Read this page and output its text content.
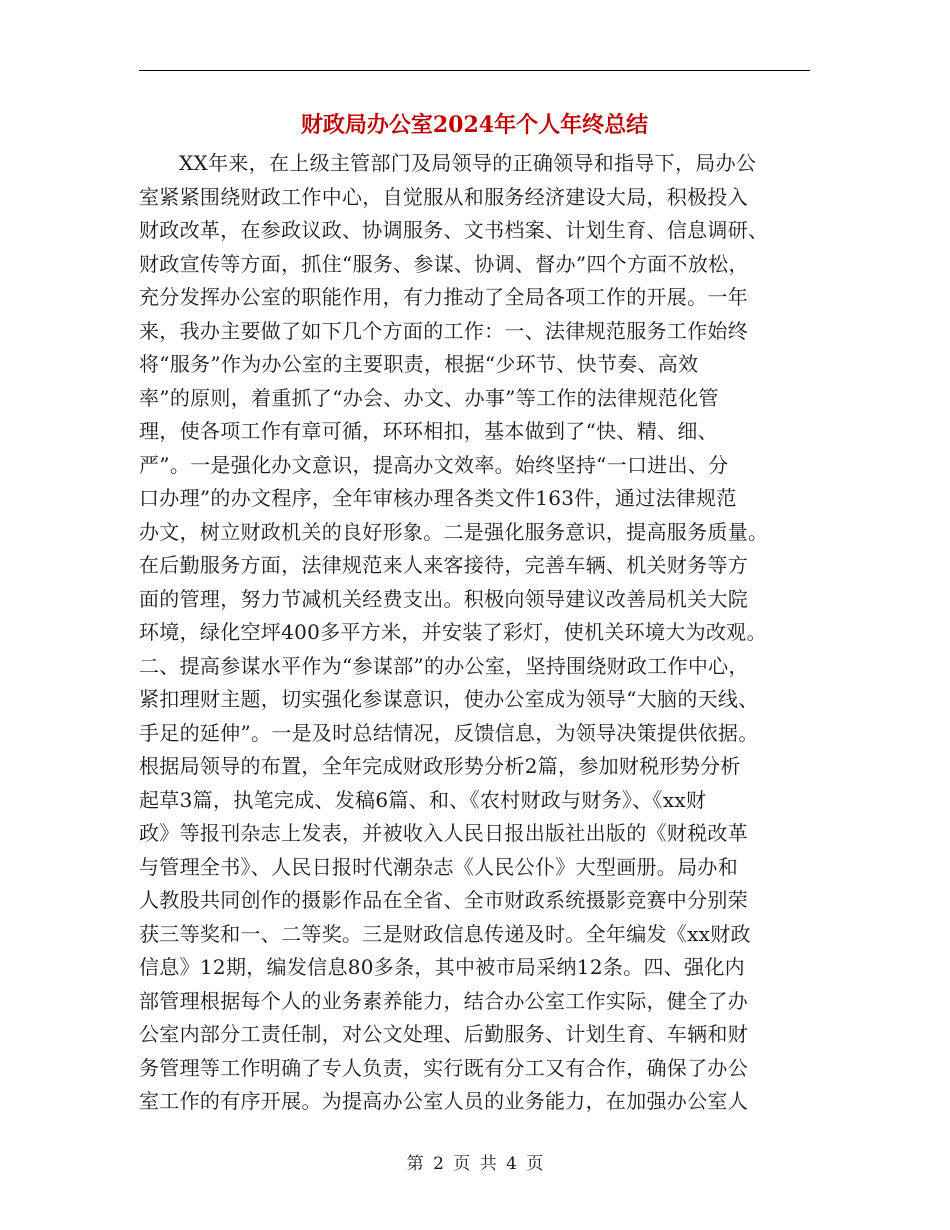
财政局办公室2024年个人年终总结
XX年来，在上级主管部门及局领导的正确领导和指导下，局办公
室紧紧围绕财政工作中心，自觉服从和服务经济建设大局，积极投入
财政改革，在参政议政、协调服务、文书档案、计划生育、信息调研、
财政宣传等方面，抓住“服务、参谋、协调、督办”四个方面不放松，
充分发挥办公室的职能作用，有力推动了全局各项工作的开展。一年
来，我办主要做了如下几个方面的工作：一、法律规范服务工作始终
将“服务”作为办公室的主要职责，根据“少环节、快节奏、高效
率”的原则，着重抓了“办会、办文、办事”等工作的法律规范化管
理，使各项工作有章可循，环环相扣，基本做到了“快、精、细、
严”。一是强化办文意识，提高办文效率。始终坚持“一口进出、分
口办理”的办文程序，全年审核办理各类文件163件，通过法律规范
办文，树立财政机关的良好形象。二是强化服务意识，提高服务质量。
在后勤服务方面，法律规范来人来客接待，完善车辆、机关财务等方
面的管理，努力节减机关经费支出。积极向领导建议改善局机关大院
环境，绿化空坪400多平方米，并安装了彩灯，使机关环境大为改观。
二、提高参谋水平作为“参谋部”的办公室，坚持围绕财政工作中心，
紧扣理财主题，切实强化参谋意识，使办公室成为领导“大脑的天线、
手足的延伸”。一是及时总结情况，反馈信息，为领导决策提供依据。
根据局领导的布置，全年完成财政形势分析2篇，参加财税形势分析
起草3篇，执笔完成、发稿6篇、和、《农村财政与财务》、《xx财
政》等报刊杂志上发表，并被收入人民日报出版社出版的《财税改革
与管理全书》、人民日报时代潮杂志《人民公仆》大型画册。局办和
人教股共同创作的摄影作品在全省、全市财政系统摄影竞赛中分别荣
获三等奖和一、二等奖。三是财政信息传递及时。全年编发《xx财政
信息》12期，编发信息80多条，其中被市局采纳12条。四、强化内
部管理根据每个人的业务素养能力，结合办公室工作实际，健全了办
公室内部分工责任制，对公文处理、后勤服务、计划生育、车辆和财
务管理等工作明确了专人负责，实行既有分工又有合作，确保了办公
室工作的有序开展。为提高办公室人员的业务能力，在加强办公室人
第 2 页 共 4 页
